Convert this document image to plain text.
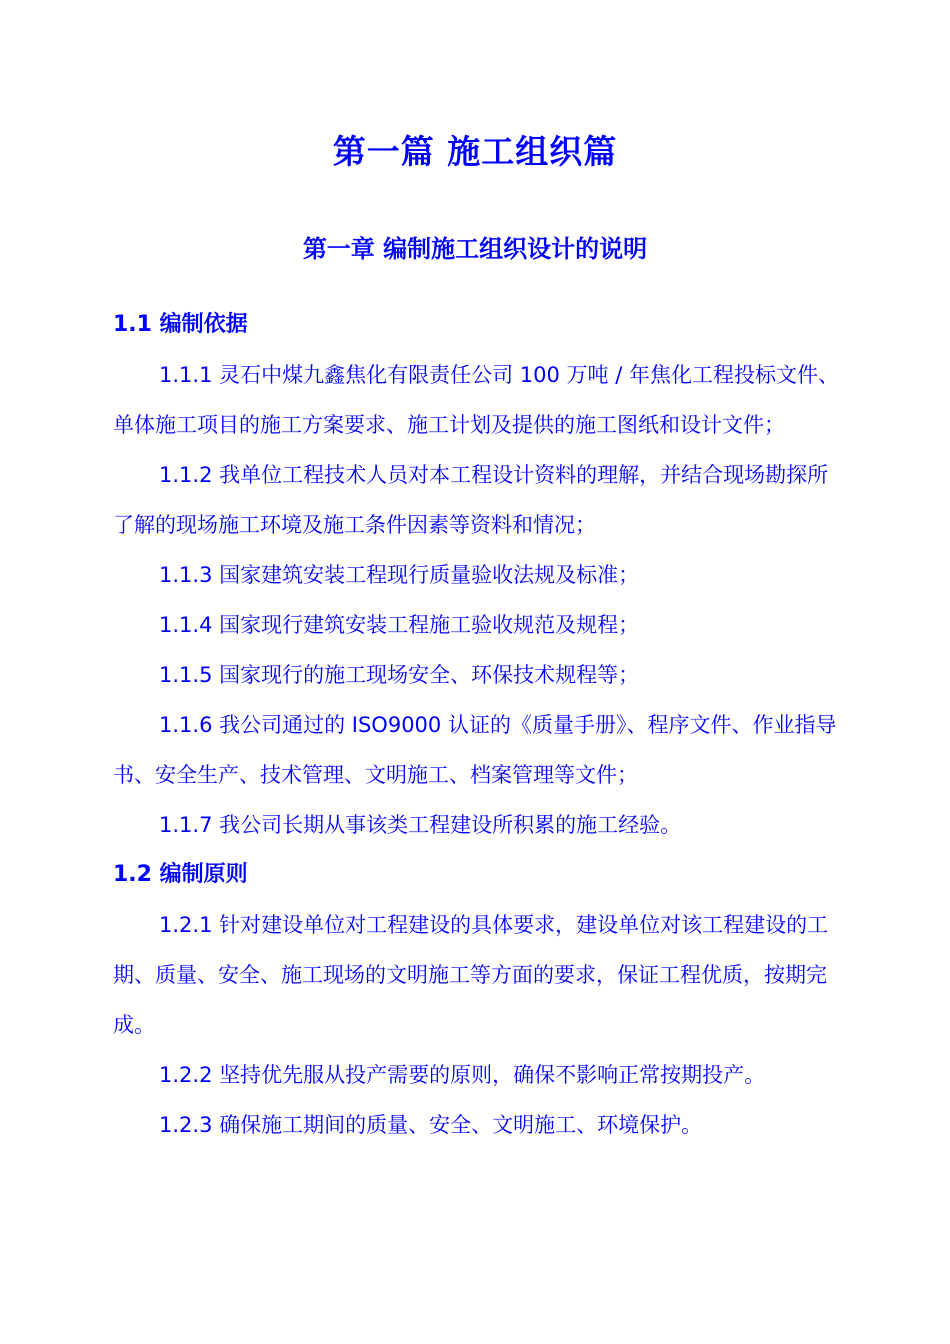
第一篇 施工组织篇
第一章 编制施工组织设计的说明

1.1 编制依据

1.1.1 灵石中煤九鑫焦化有限责任公司 100 万吨 / 年焦化工程投标文件、单体施工项目的施工方案要求、施工计划及提供的施工图纸和设计文件；

1.1.2 我单位工程技术人员对本工程设计资料的理解，并结合现场勘探所了解的现场施工环境及施工条件因素等资料和情况；

1.1.3 国家建筑安装工程现行质量验收法规及标准；

1.1.4 国家现行建筑安装工程施工验收规范及规程；

1.1.5 国家现行的施工现场安全、环保技术规程等；

1.1.6 我公司通过的 ISO9000 认证的《质量手册》、程序文件、作业指导书、安全生产、技术管理、文明施工、档案管理等文件；

1.1.7 我公司长期从事该类工程建设所积累的施工经验。

1.2 编制原则

1.2.1 针对建设单位对工程建设的具体要求，建设单位对该工程建设的工期、质量、安全、施工现场的文明施工等方面的要求，保证工程优质，按期完成。

1.2.2 坚持优先服从投产需要的原则，确保不影响正常按期投产。

1.2.3 确保施工期间的质量、安全、文明施工、环境保护。
